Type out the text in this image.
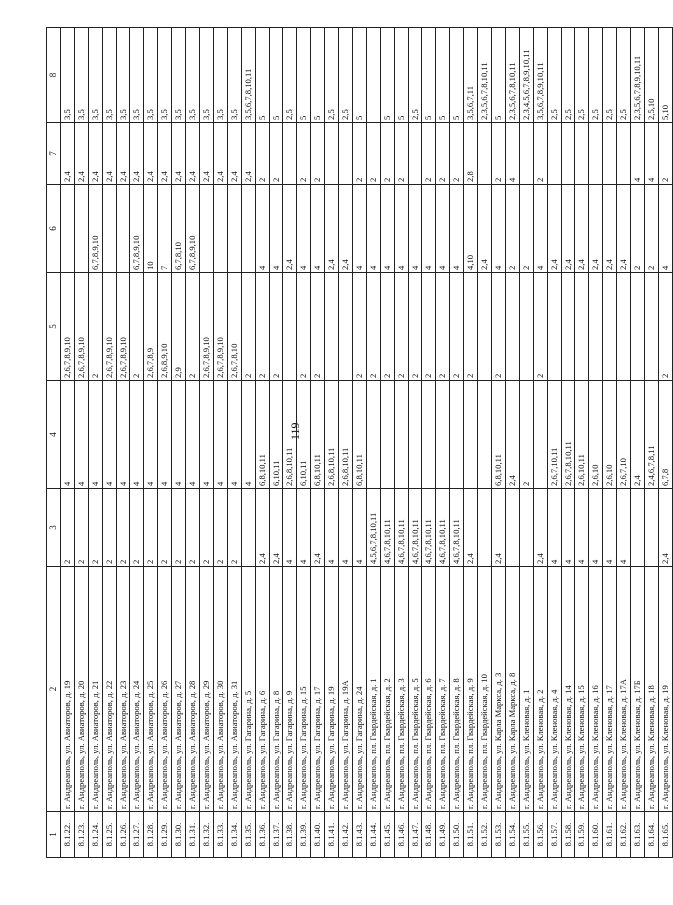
119
1	2	3	4	5	6	7	8
8.1.22.	г. Андреаполь, ул. Авиаторов, д. 19	2	4	2,6,7,8,9,10		2,4	3,5
8.1.23.	г. Андреаполь, ул. Авиаторов, д. 20	2	4	2,6,7,8,9,10		2,4	3,5
8.1.24.	г. Андреаполь, ул. Авиаторов, д. 21	2	4	2	6,7,8,9,10	2,4	3,5
8.1.25.	г. Андреаполь, ул. Авиаторов, д. 22	2	4	2,6,7,8,9,10		2,4	3,5
8.1.26.	г. Андреаполь, ул. Авиаторов, д. 23	2	4	2,6,7,8,9,10		2,4	3,5
8.1.27.	г. Андреаполь, ул. Авиаторов, д. 24	2	4	2	6,7,8,9,10	2,4	3,5
8.1.28.	г. Андреаполь, ул. Авиаторов, д. 25	2	4	2,6,7,8,9	10	2,4	3,5
8.1.29.	г. Андреаполь, ул. Авиаторов, д. 26	2	4	2,6,8,9,10	7	2,4	3,5
8.1.30.	г. Андреаполь, ул. Авиаторов, д. 27	2	4	2,9	6,7,8,10	2,4	3,5
8.1.31.	г. Андреаполь, ул. Авиаторов, д. 28	2	4	2	6,7,8,9,10	2,4	3,5
8.1.32.	г. Андреаполь, ул. Авиаторов, д. 29	2	4	2,6,7,8,9,10		2,4	3,5
8.1.33.	г. Андреаполь, ул. Авиаторов, д. 30	2	4	2,6,7,8,9,10		2,4	3,5
8.1.34.	г. Андреаполь, ул. Авиаторов, д. 31	2	4	2,6,7,8,10		2,4	3,5
8.1.35.	г. Андреаполь, ул. Гагарина, д. 5		4	2		2,4	3,5,6,7,8,10,11
8.1.36.	г. Андреаполь, ул. Гагарина, д. 6	2,4	6,8,10,11	2	4	2	5
8.1.37.	г. Андреаполь, ул. Гагарина, д. 8	2,4	6,10,11	2	4	2	5
8.1.38.	г. Андреаполь, ул. Гагарина, д. 9	4	2,6,8,10,11		2,4		2,5
8.1.39.	г. Андреаполь, ул. Гагарина, д. 15	4	6,10,11	2	4	2	5
8.1.40.	г. Андреаполь, ул. Гагарина, д. 17	2,4	6,8,10,11	2	4	2	5
8.1.41.	г. Андреаполь, ул. Гагарина, д. 19	4	2,6,8,10,11		2,4		2,5
8.1.42.	г. Андреаполь, ул. Гагарина, д. 19А	4	2,6,8,10,11		2,4		2,5
8.1.43.	г. Андреаполь, ул. Гагарина, д. 24	4	6,8,10,11	2	4	2	5
8.1.44.	г. Андреаполь, пл. Гвардейская, д. 1	4,5,6,7,8,10,11		2	4	2	
8.1.45.	г. Андреаполь, пл. Гвардейская, д. 2	4,6,7,8,10,11		2	4	2	5
8.1.46.	г. Андреаполь, пл. Гвардейская, д. 3	4,6,7,8,10,11		2	4	2	5
8.1.47.	г. Андреаполь, пл. Гвардейская, д. 5	4,6,7,8,10,11		2	4		2,5
8.1.48.	г. Андреаполь, пл. Гвардейская, д. 6	4,6,7,8,10,11		2	4	2	5
8.1.49.	г. Андреаполь, пл. Гвардейская, д. 7	4,6,7,8,10,11		2	4	2	5
8.1.50.	г. Андреаполь, пл. Гвардейская, д. 8	4,6,7,8,10,11		2	4	2	5
8.1.51.	г. Андреаполь, пл. Гвардейская, д. 9	2,4		2	4,10	2,8	3,5,6,7,11
8.1.52.	г. Андреаполь, пл. Гвардейская, д. 10				2,4		2,3,5,6,7,8,10,11
8.1.53.	г. Андреаполь, ул. Карла Маркса, д. 3	2,4	6,8,10,11	2	4	2	5
8.1.54.	г. Андреаполь, ул. Карла Маркса, д. 8		2,4		2	4	2,3,5,6,7,8,10,11
8.1.55.	г. Андреаполь, ул. Кленовая, д. 1		2		2		2,3,4,5,6,7,8,9,10,11
8.1.56.	г. Андреаполь, ул. Кленовая, д. 2	2,4		2	4	2	3,5,6,7,8,9,10,11
8.1.57.	г. Андреаполь, ул. Кленовая, д. 4	4	2,6,7,10,11		2,4		2,5
8.1.58.	г. Андреаполь, ул. Кленовая, д. 14	4	2,6,7,8,10,11		2,4		2,5
8.1.59.	г. Андреаполь, ул. Кленовая, д. 15	4	2,6,10,11		2,4		2,5
8.1.60.	г. Андреаполь, ул. Кленовая, д. 16	4	2,6,10		2,4		2,5
8.1.61.	г. Андреаполь, ул. Кленовая, д. 17	4	2,6,10		2,4		2,5
8.1.62.	г. Андреаполь, ул. Кленовая, д. 17А	4	2,6,7,10		2,4		2,5
8.1.63.	г. Андреаполь, ул. Кленовая, д. 17Б		2,4		2	4	2,3,5,6,7,8,9,10,11
8.1.64.	г. Андреаполь, ул. Кленовая, д. 18		2,4,6,7,8,11		2	4	2,5,10
8.1.65.	г. Андреаполь, ул. Кленовая, д. 19	2,4	6,7,8	2	4	2	5,10
